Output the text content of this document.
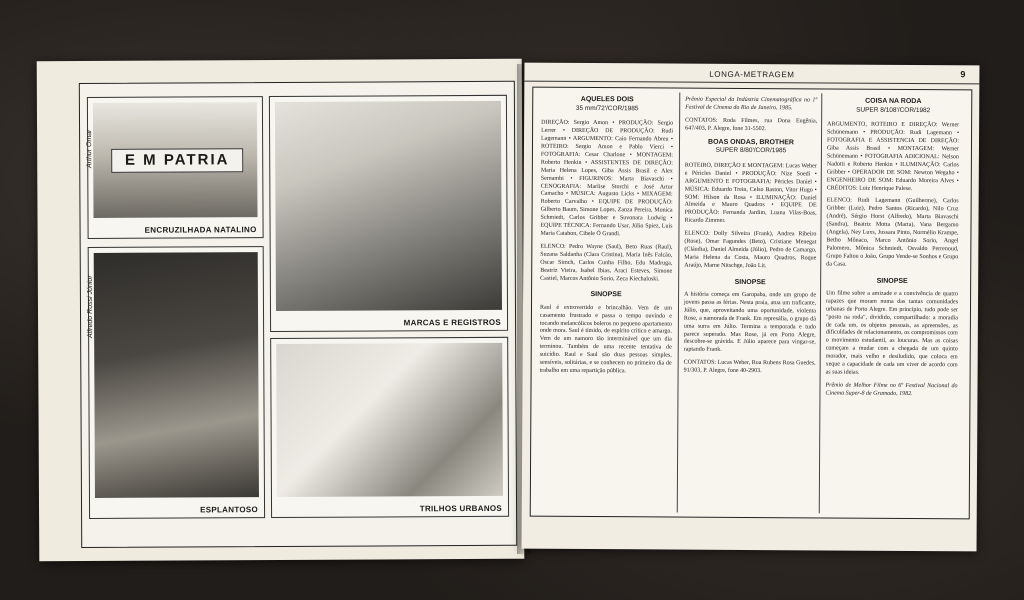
E M PATRIA
Arthur Omar
ENCRUZILHADA NATALINO
MARCAS E REGISTROS
Alfredo Rossi Júnior
ESPLANTOSO	TRILHOS URBANOS
LONGA-METRAGEM	9
AQUELES DOIS
35 mm/72'/COR/1985

DIREÇÃO: Sergio Amon • PRODUÇÃO: Sergio Lerrer • DIREÇÃO DE PRODUÇÃO: Rudi Lagemann • ARGUMENTO: Caio Fernando Abreu • ROTEIRO: Sergio Amon e Pablo Vierci • FOTOGRAFIA: Cesar Charlone • MONTAGEM: Roberto Henkin • ASSISTENTES DE DIREÇÃO: Maria Helena Lopes, Giba Assis Brasil e Alex Sernambi • FIGURINOS: Marta Biavaschi • CENOGRAFIA: Marlise Storchi e José Artur Camacho • MÚSICA: Augusto Licks • MIXAGEM: Roberto Carvalho • EQUIPE DE PRODUÇÃO: Gilberto Baum, Simone Lopes, Zanza Pereira, Monica Schmiedt, Carlos Gribber e Suvonara Ludwig • EQUIPE TÉCNICA: Fernando Usar, Júlio Spiez, Luis Maria Catabon, Cibele Ó Grandi.

ELENCO: Pedro Wayne (Saul), Beto Ruas (Raul), Suzana Saldanha (Clara Cristina), Maria Inês Falcão, Oscar Simch, Carlos Cunha Filho, Edu Madruga, Beatriz Vieira, Isabel Ibias, Araci Esteves, Simone Castiel, Marcos Antônio Sorio, Zeca Kiechaloski.

SINOPSE

Raul é extrovertido e brincalhão. Vem de um casamento frustrado e passa o tempo ouvindo e tocando melancólicos boleros no pequeno apartamento onde mora. Saul é tímido, de espírito crítico e amargo. Vem de um namoro tão interminável que um dia terminou. Também de uma recente tentativa de suicídio. Raul e Saul são duas pessoas simples, sensíveis, solitárias, e se conhecem no primeiro dia de trabalho em uma repartição pública.

Prêmio Especial da Indústria Cinematográfica no 1º Festival de Cinema do Rio de Janeiro, 1985.

CONTATOS: Roda Filmes, rua Dona Eugênia, 647/403, P. Alegre, fone 31-5502.

BOAS ONDAS, BROTHER
SUPER 8/80'/COR/1985

ROTEIRO, DIREÇÃO E MONTAGEM: Lucas Weber e Péricles Daniel • PRODUÇÃO: Nize Soedi • ARGUMENTO E FOTOGRAFIA: Péricles Daniel • MÚSICA: Eduardo Trein, Celso Baston, Vitor Hugo • SOM: Hilson da Rosa • ILUMINAÇÃO: Daniel Almeida e Mauro Quadros • EQUIPE DE PRODUÇÃO: Fernanda Jardim, Luana Vilas-Boas, Ricardo Zimmer.

ELENCO: Dolly Silveira (Frank), Andrea Ribeiro (Rose), Omar Fagundes (Beto), Cristiane Menegat (Cláudia), Daniel Almeida (Júlio), Pedro de Camargo, Maria Helena da Costa, Mauro Quadros, Roque Araújo, Marne Nitschge, João Lit.

SINOPSE

A história começa em Garopaba, onde um grupo de jovens passa as férias. Nesta praia, atua um traficante, Júlio, que, aproveitando uma oportunidade, violenta Rose, a namorada de Frank. Em represália, o grupo dá uma surra em Júlio. Termina a temporada e tudo parece superado. Mas Rose, já em Porto Alegre, descobre-se grávida. E Júlio aparece para vingar-se, raptando Frank.

CONTATOS: Lucas Weber, Rua Rubens Rosa Guedes, 91/303, P. Alegre, fone 40-2903.

COISA NA RODA
SUPER 8/108'/COR/1982

ARGUMENTO, ROTEIRO E DIREÇÃO: Werner Schünemann • PRODUÇÃO: Rudi Lagemann • FOTOGRAFIA E ASSISTENCIA DE DIREÇÃO: Giba Assis Brasil • MONTAGEM: Werner Schünemann • FOTOGRAFIA ADICIONAL: Nelson Nadotti e Roberto Henkin • ILUMINAÇÃO: Carlos Gribber • OPERADOR DE SOM: Newton Wegaho • ENGENHEIRO DE SOM: Eduardo Moreira Alves • CRÉDITOS: Luiz Henrique Palese.

ELENCO: Rudi Lagemann (Guilherme), Carlos Gribber (Luiz), Pedro Santos (Ricardo), Nilo Cruz (André), Sérgio Horst (Alfredo), Marta Biavaschi (Sandra), Beatriz Motta (Marta), Vana Bergamo (Angela), Ney Luxs, Jussara Pinto, Normélio Krampe, Betho Mônaco, Marco Antônio Sorio, Angel Palomero, Mônica Schmiedt, Osvaldo Perrenoud, Grupo Faltou o João, Grupo Vende-se Sonhos e Grupo da Casa.

SINOPSE

Um filme sobre a amizade e a convivência de quatro rapazes que moram numa das tantas comunidades urbanas de Porto Alegre. Em princípio, tudo pode ser "posto na roda", dividido, compartilhado: a moradia de cada um, os objetos pessoais, as apreensões, as dificuldades de relacionamento, os compromissos com o movimento estudantil, as loucuras. Mas as coisas começam a mudar com a chegada de um quinto morador, mais velho e desiludido, que coloca em xeque a capacidade de cada um viver de acordo com as suas ideias.

Prêmio de Melhor Filme no 6º Festival Nacional do Cinema Super-8 de Gramado, 1982.
